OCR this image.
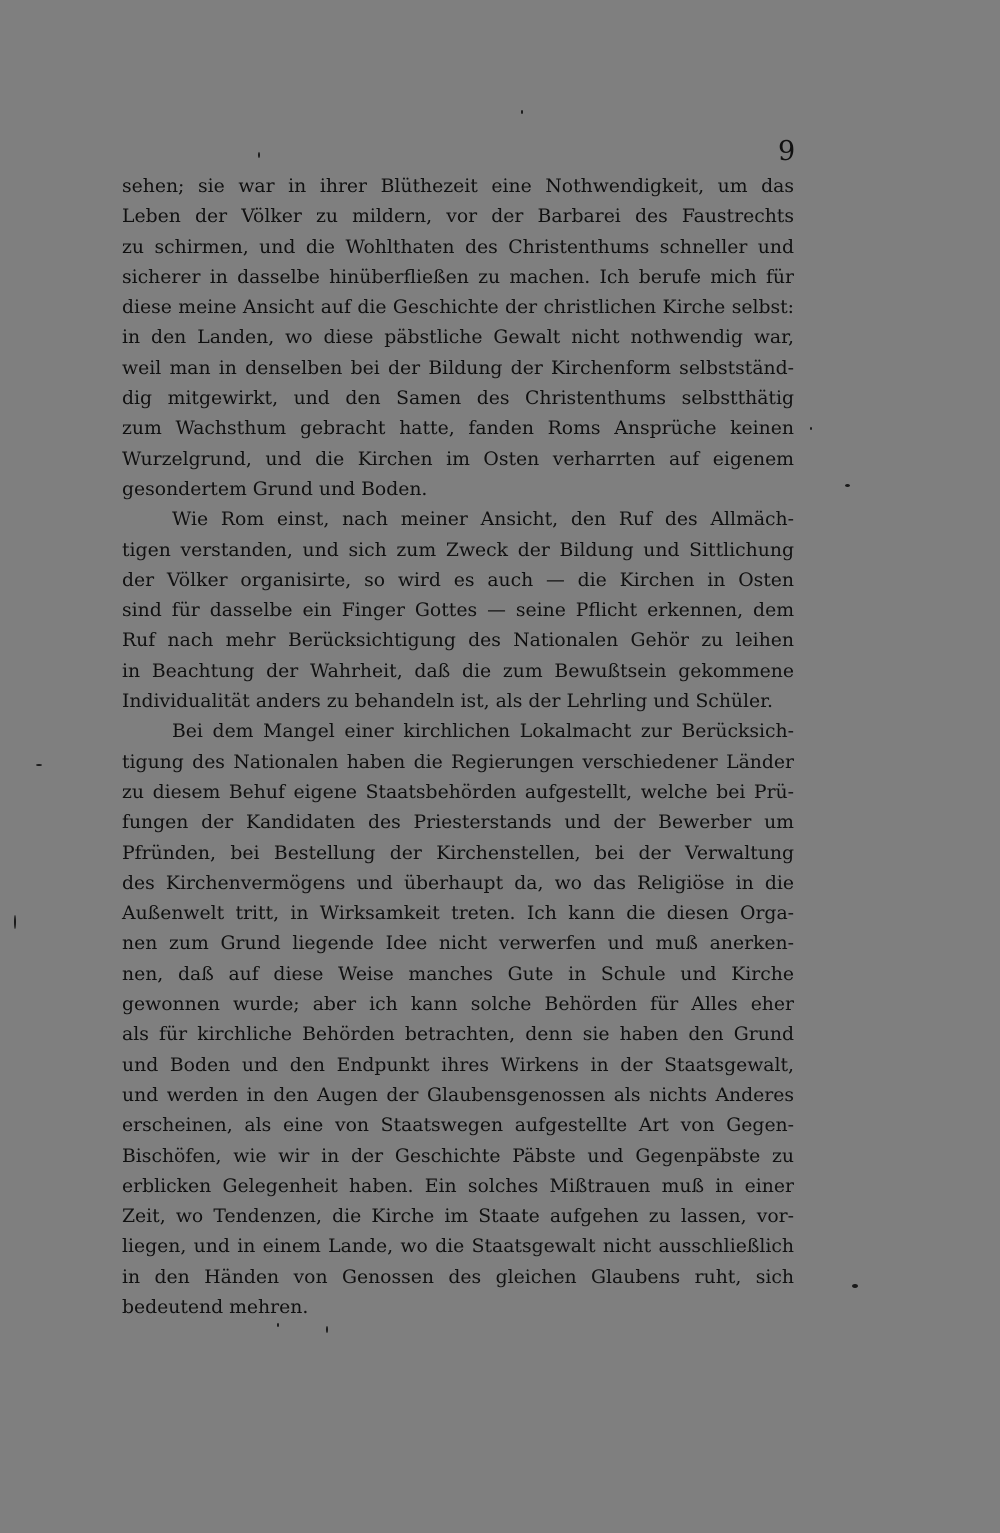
9
sehen; sie war in ihrer Blüthezeit eine Nothwendigkeit, um das
Leben der Völker zu mildern, vor der Barbarei des Faustrechts
zu schirmen, und die Wohlthaten des Christenthums schneller und
sicherer in dasselbe hinüberfließen zu machen. Ich berufe mich für
diese meine Ansicht auf die Geschichte der christlichen Kirche selbst:
in den Landen, wo diese päbstliche Gewalt nicht nothwendig war,
weil man in denselben bei der Bildung der Kirchenform selbstständ-
dig mitgewirkt, und den Samen des Christenthums selbstthätig
zum Wachsthum gebracht hatte, fanden Roms Ansprüche keinen
Wurzelgrund, und die Kirchen im Osten verharrten auf eigenem
gesondertem Grund und Boden.
Wie Rom einst, nach meiner Ansicht, den Ruf des Allmäch-
tigen verstanden, und sich zum Zweck der Bildung und Sittlichung
der Völker organisirte, so wird es auch — die Kirchen in Osten
sind für dasselbe ein Finger Gottes — seine Pflicht erkennen, dem
Ruf nach mehr Berücksichtigung des Nationalen Gehör zu leihen
in Beachtung der Wahrheit, daß die zum Bewußtsein gekommene
Individualität anders zu behandeln ist, als der Lehrling und Schüler.
Bei dem Mangel einer kirchlichen Lokalmacht zur Berücksich-
tigung des Nationalen haben die Regierungen verschiedener Länder
zu diesem Behuf eigene Staatsbehörden aufgestellt, welche bei Prü-
fungen der Kandidaten des Priesterstands und der Bewerber um
Pfründen, bei Bestellung der Kirchenstellen, bei der Verwaltung
des Kirchenvermögens und überhaupt da, wo das Religiöse in die
Außenwelt tritt, in Wirksamkeit treten. Ich kann die diesen Orga-
nen zum Grund liegende Idee nicht verwerfen und muß anerken-
nen, daß auf diese Weise manches Gute in Schule und Kirche
gewonnen wurde; aber ich kann solche Behörden für Alles eher
als für kirchliche Behörden betrachten, denn sie haben den Grund
und Boden und den Endpunkt ihres Wirkens in der Staatsgewalt,
und werden in den Augen der Glaubensgenossen als nichts Anderes
erscheinen, als eine von Staatswegen aufgestellte Art von Gegen-
Bischöfen, wie wir in der Geschichte Päbste und Gegenpäbste zu
erblicken Gelegenheit haben. Ein solches Mißtrauen muß in einer
Zeit, wo Tendenzen, die Kirche im Staate aufgehen zu lassen, vor-
liegen, und in einem Lande, wo die Staatsgewalt nicht ausschließlich
in den Händen von Genossen des gleichen Glaubens ruht, sich
bedeutend mehren.
